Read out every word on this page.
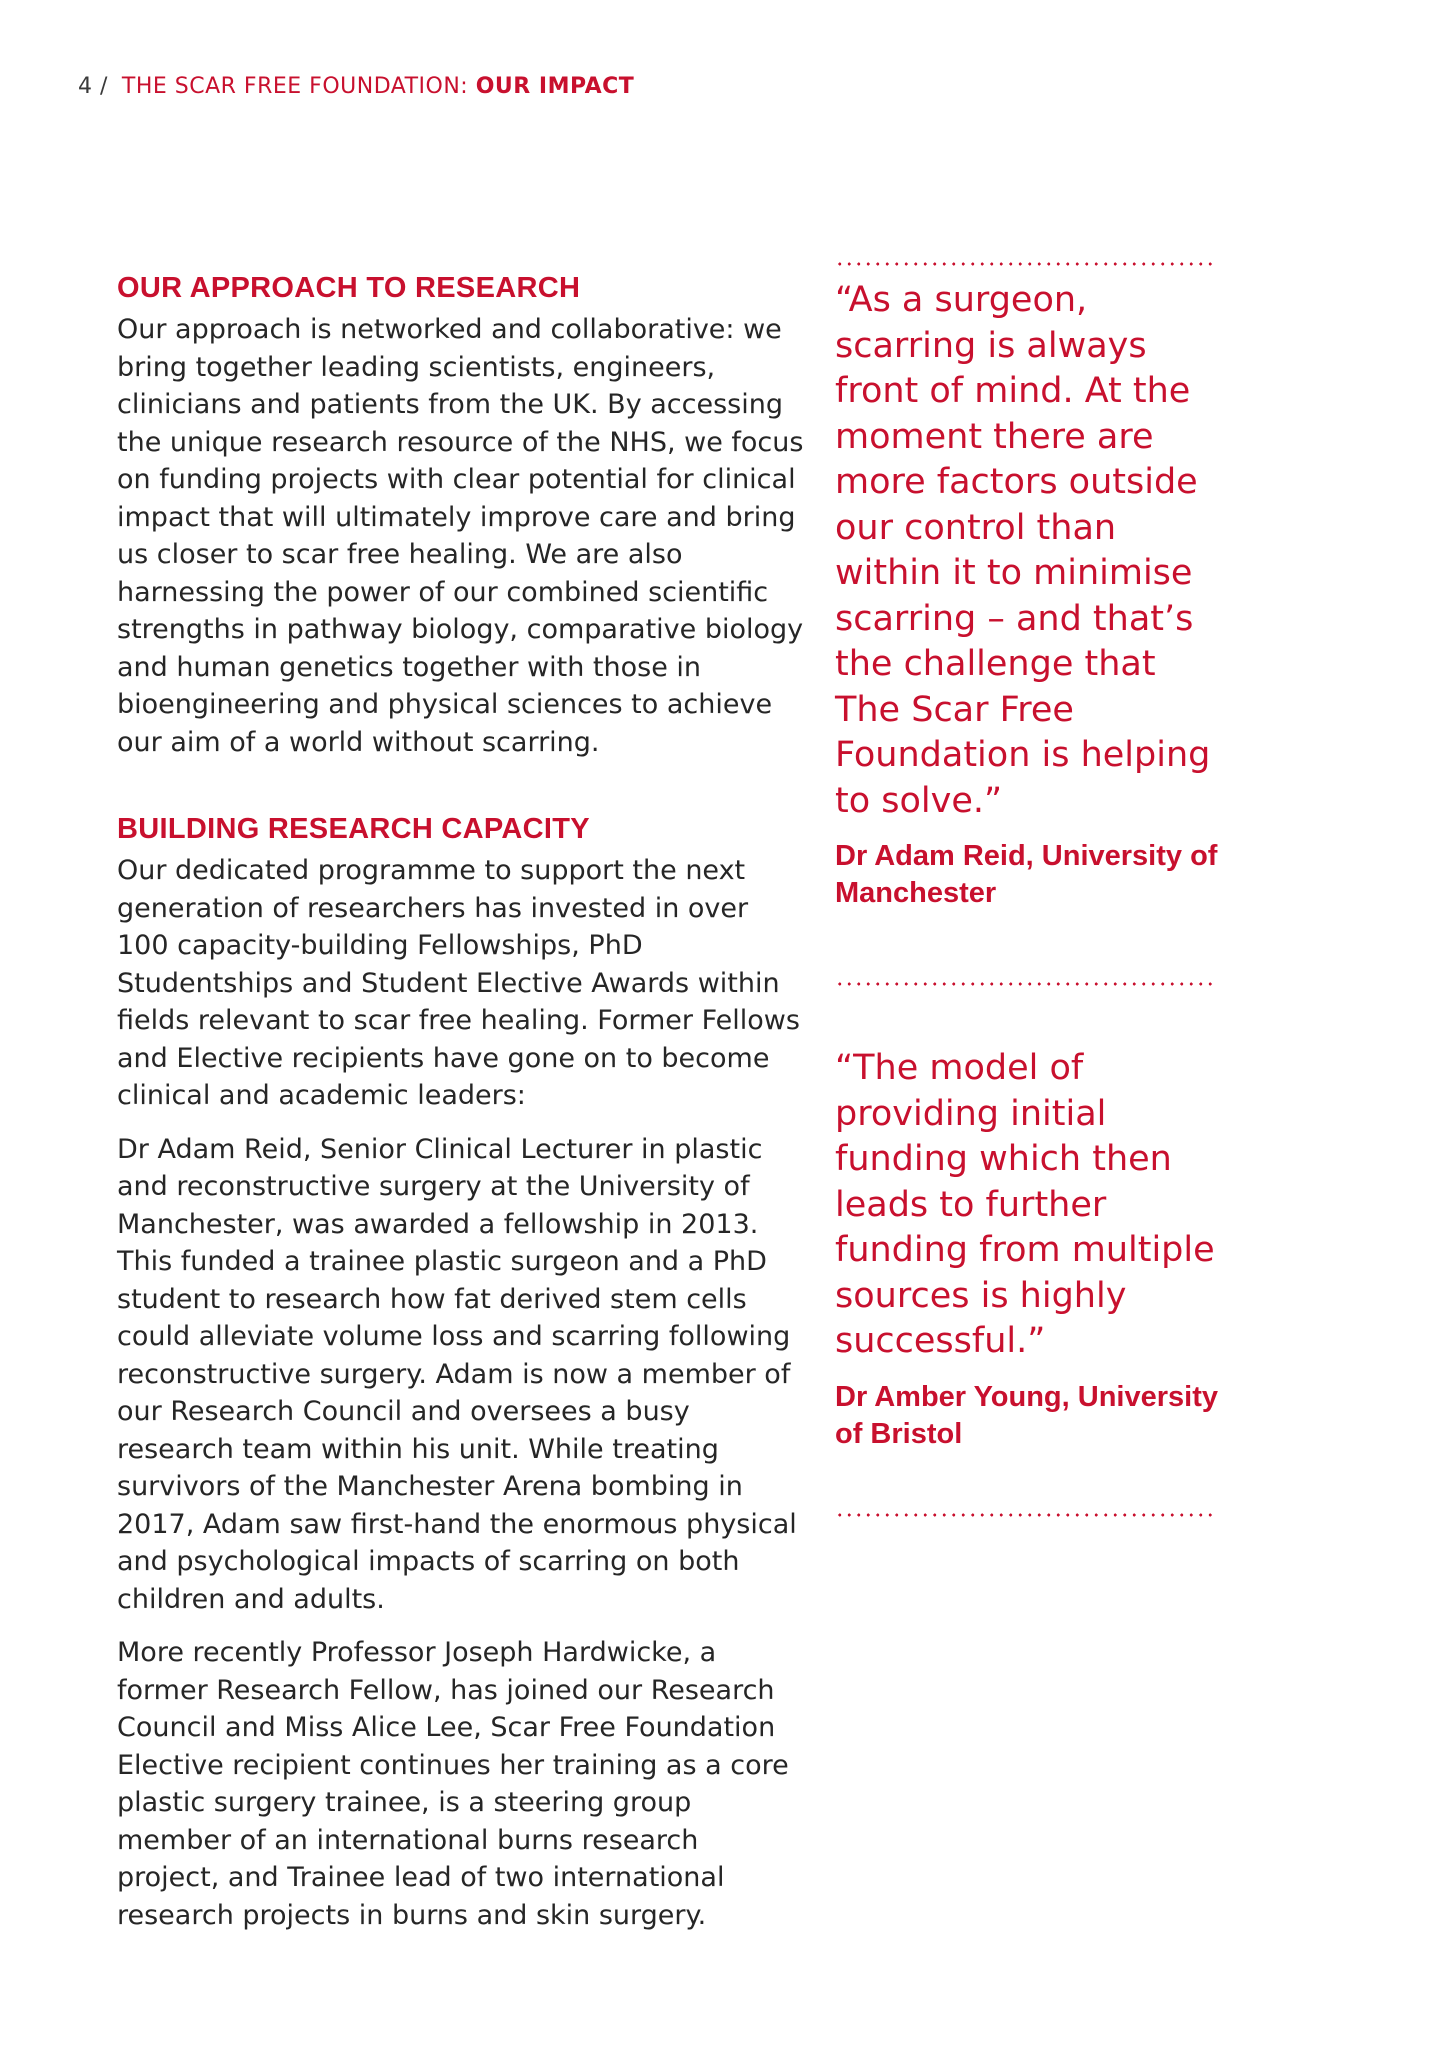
4 / THE SCAR FREE FOUNDATION: OUR IMPACT
OUR APPROACH TO RESEARCH

Our approach is networked and collaborative: we bring together leading scientists, engineers, clinicians and patients from the UK. By accessing the unique research resource of the NHS, we focus on funding projects with clear potential for clinical impact that will ultimately improve care and bring us closer to scar free healing. We are also harnessing the power of our combined scientific strengths in pathway biology, comparative biology and human genetics together with those in bioengineering and physical sciences to achieve our aim of a world without scarring.

BUILDING RESEARCH CAPACITY

Our dedicated programme to support the next generation of researchers has invested in over 100 capacity-building Fellowships, PhD Studentships and Student Elective Awards within fields relevant to scar free healing. Former Fellows and Elective recipients have gone on to become clinical and academic leaders:

Dr Adam Reid, Senior Clinical Lecturer in plastic and reconstructive surgery at the University of Manchester, was awarded a fellowship in 2013. This funded a trainee plastic surgeon and a PhD student to research how fat derived stem cells could alleviate volume loss and scarring following reconstructive surgery. Adam is now a member of our Research Council and oversees a busy research team within his unit. While treating survivors of the Manchester Arena bombing in 2017, Adam saw first-hand the enormous physical and psychological impacts of scarring on both children and adults.

More recently Professor Joseph Hardwicke, a former Research Fellow, has joined our Research Council and Miss Alice Lee, Scar Free Foundation Elective recipient continues her training as a core plastic surgery trainee, is a steering group member of an international burns research project, and Trainee lead of two international research projects in burns and skin surgery.

“As a surgeon, scarring is always front of mind. At the moment there are more factors outside our control than within it to minimise scarring – and that’s the challenge that The Scar Free Foundation is helping to solve.”

Dr Adam Reid, University of Manchester

“The model of providing initial funding which then leads to further funding from multiple sources is highly successful.”

Dr Amber Young, University of Bristol
